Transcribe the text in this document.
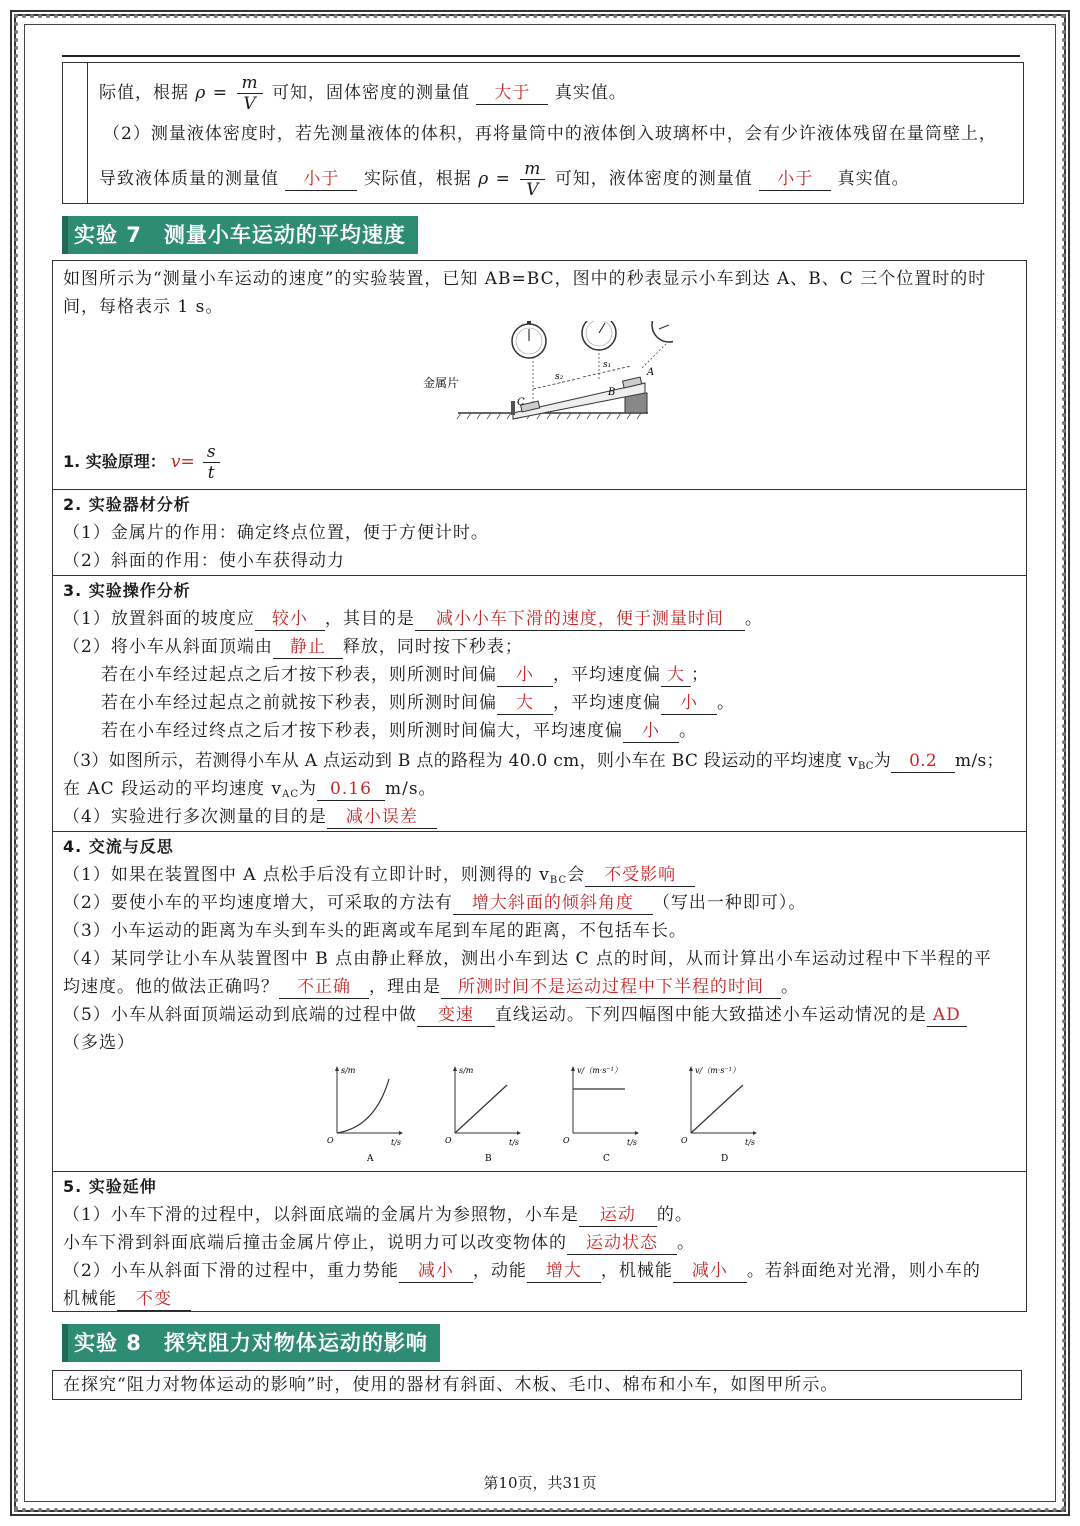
际值，根据 $\rho = \frac{m}{V}$ 可知，固体密度的测量值 大于 真实值。
（2）测量液体密度时，若先测量液体的体积，再将量筒中的液体倒入玻璃杯中，会有少许液体残留在量筒壁上，
导致液体质量的测量值 小于 实际值，根据 $\rho = \frac{m}{V}$ 可知，液体密度的测量值 小于 真实值。
实验 7　测量小车运动的平均速度
如图所示为“测量小车运动的速度”的实验装置，已知 AB=BC，图中的秒表显示小车到达 A、B、C 三个位置时的时
间，每格表示 1 s。
金属片
C
B
A
s₂
s₁
1. 实验原理： $v= \frac{s}{t}$
2. 实验器材分析
（1）金属片的作用：确定终点位置，便于方便计时。
（2）斜面的作用：使小车获得动力
3. 实验操作分析
（1）放置斜面的坡度应 较小 ，其目的是 减小小车下滑的速度，便于测量时间 。
（2）将小车从斜面顶端由 静止 释放，同时按下秒表；
若在小车经过起点之后才按下秒表，则所测时间偏 小 ，平均速度偏 大 ；
若在小车经过起点之前就按下秒表，则所测时间偏 大 ，平均速度偏 小 。
若在小车经过终点之后才按下秒表，则所测时间偏大，平均速度偏 小 。
（3）如图所示，若测得小车从 A 点运动到 B 点的路程为 40.0 cm，则小车在 BC 段运动的平均速度 $v_{BC}$为 0.2 m/s；
在 AC 段运动的平均速度 $v_{AC}$为 0.16 m/s。
（4）实验进行多次测量的目的是 减小误差
4. 交流与反思
（1）如果在装置图中 A 点松手后没有立即计时，则测得的 $v_{BC}$会 不受影响
（2）要使小车的平均速度增大，可采取的方法有 增大斜面的倾斜角度 （写出一种即可）。
（3）小车运动的距离为车头到车头的距离或车尾到车尾的距离，不包括车长。
（4）某同学让小车从装置图中 B 点由静止释放，测出小车到达 C 点的时间，从而计算出小车运动过程中下半程的平
均速度。他的做法正确吗？ 不正确 ，理由是 所测时间不是运动过程中下半程的时间 。
（5）小车从斜面顶端运动到底端的过程中做 变速 直线运动。下列四幅图中能大致描述小车运动情况的是 AD
（多选）
s/m
t/s
O
A
s/m
t/s
O
B
v/（m·s⁻¹）
t/s
O
C
v/（m·s⁻¹）
t/s
O
D
5. 实验延伸
（1）小车下滑的过程中，以斜面底端的金属片为参照物，小车是 运动 的。
小车下滑到斜面底端后撞击金属片停止，说明力可以改变物体的 运动状态 。
（2）小车从斜面下滑的过程中，重力势能 减小 ，动能 增大 ，机械能 减小 。若斜面绝对光滑，则小车的
机械能 不变
实验 8　探究阻力对物体运动的影响
在探究“阻力对物体运动的影响”时，使用的器材有斜面、木板、毛巾、棉布和小车，如图甲所示。
第10页，共31页
